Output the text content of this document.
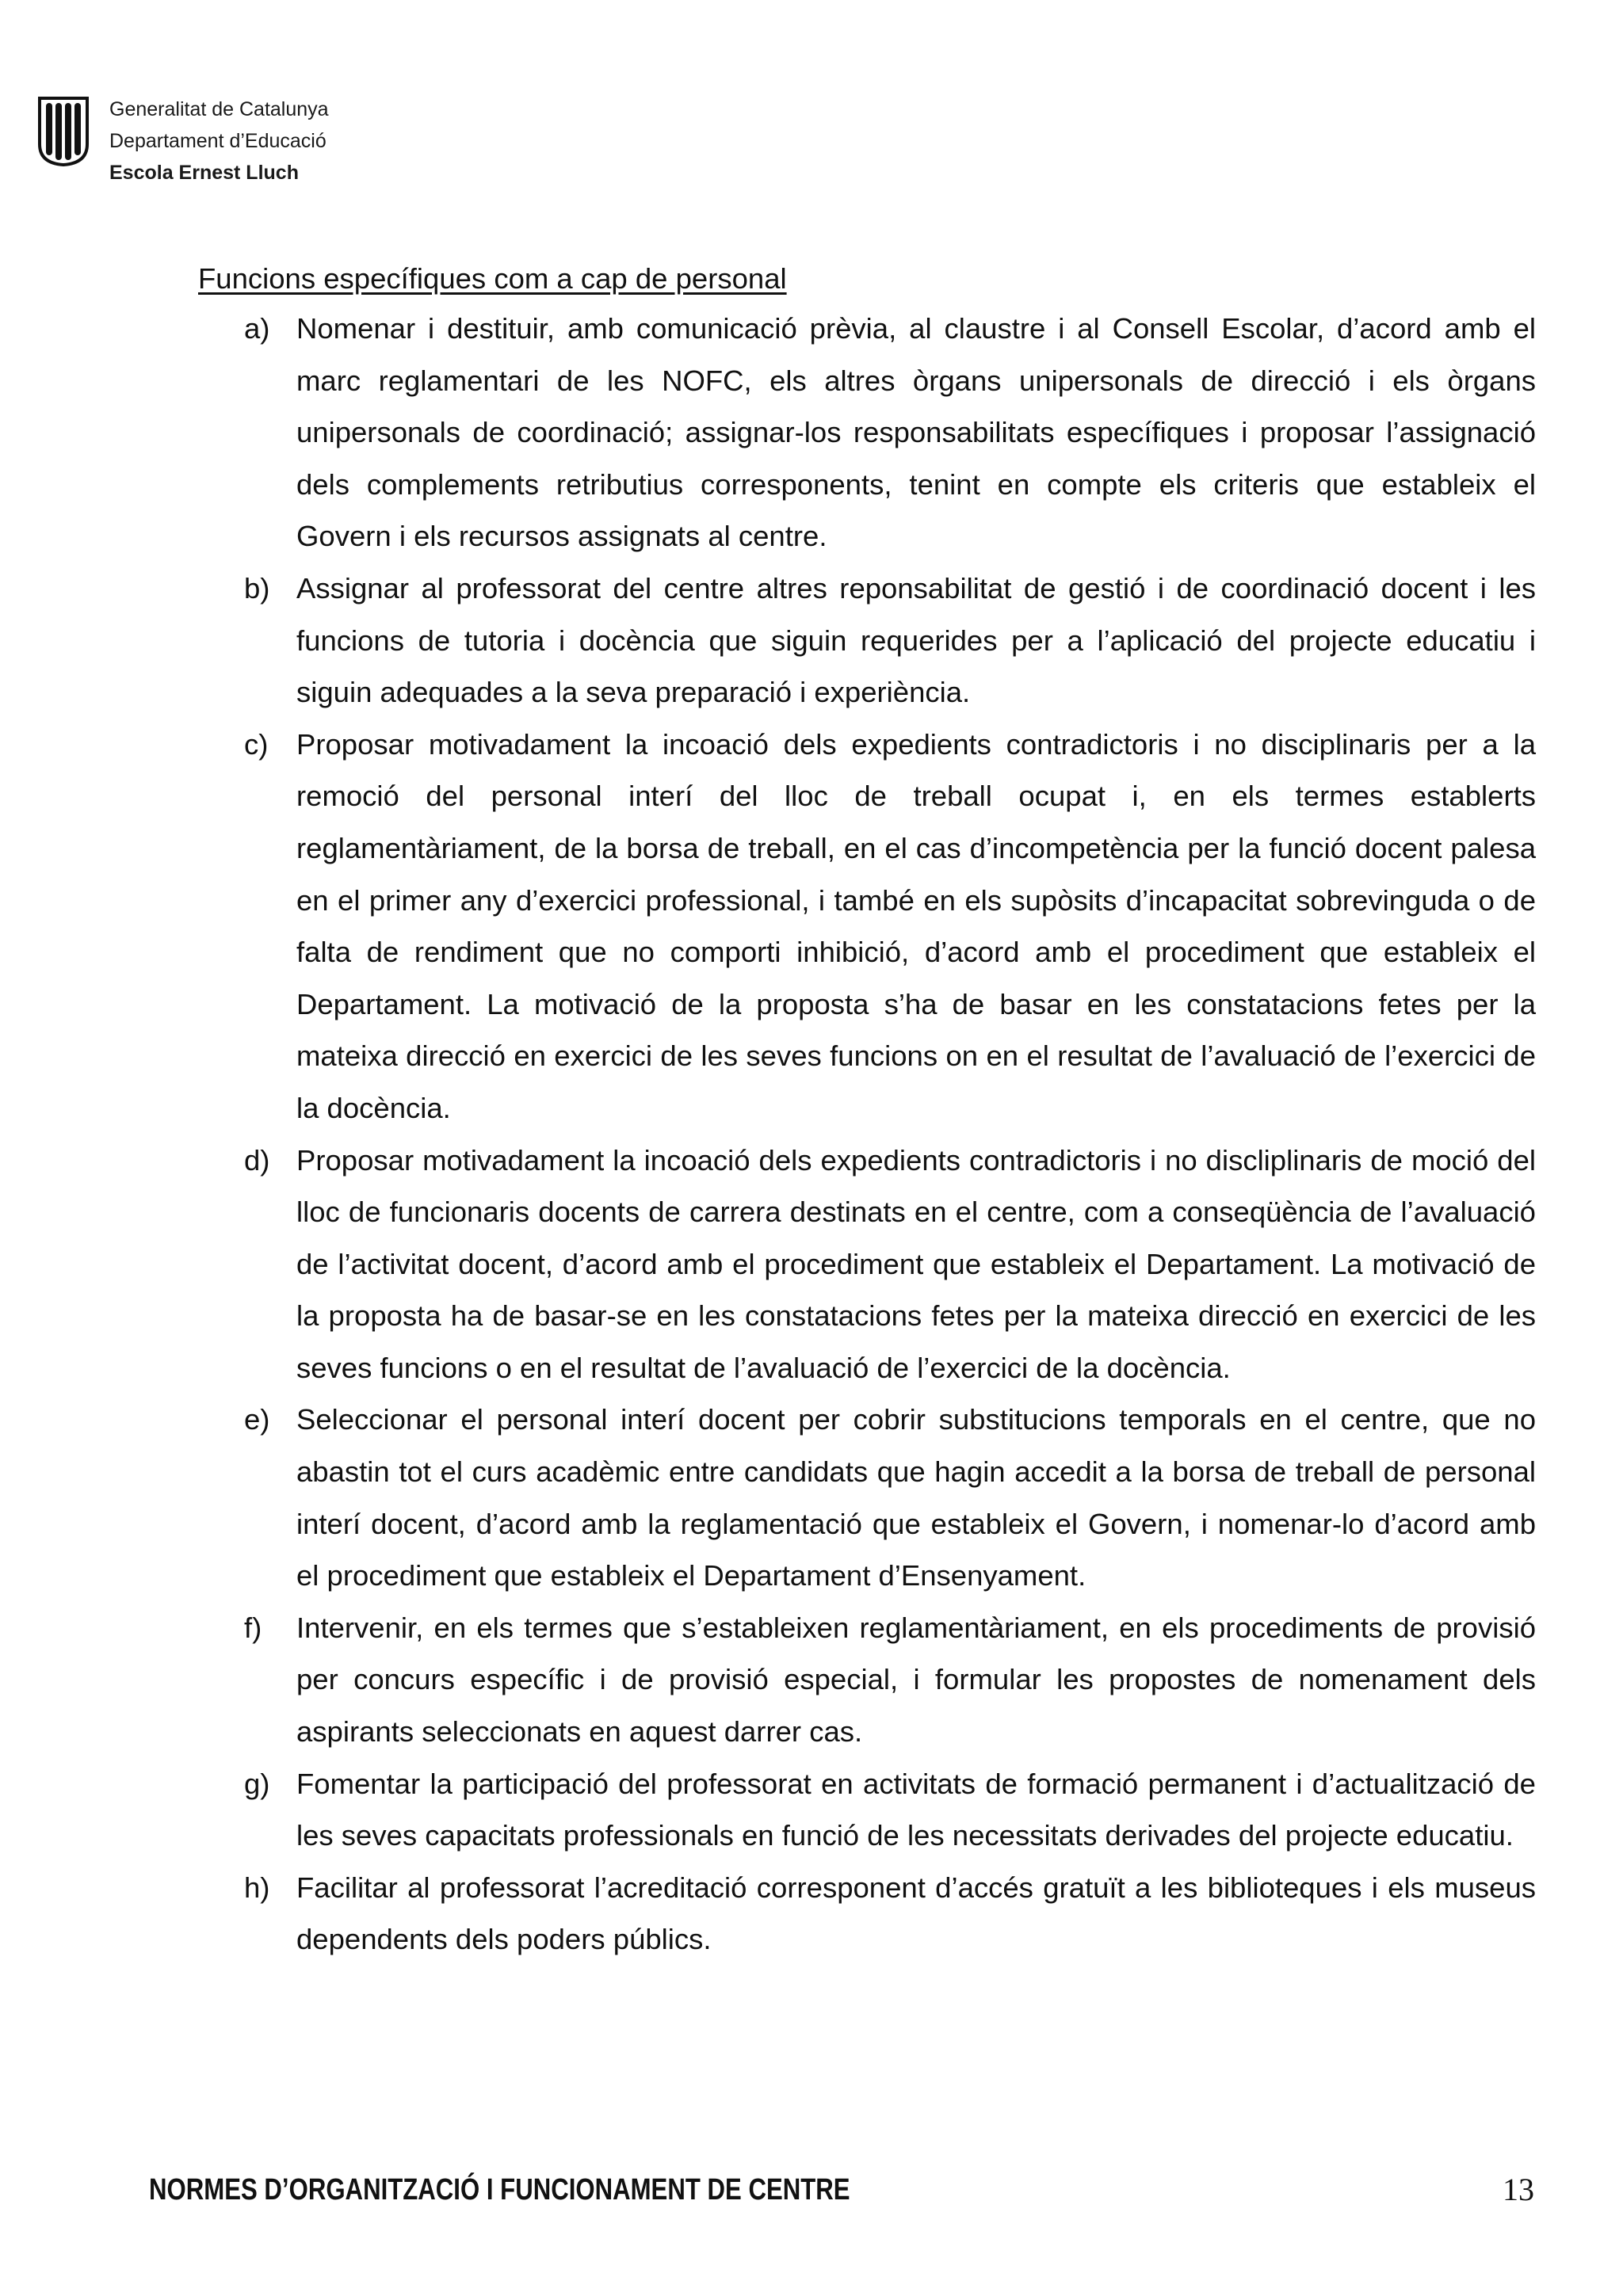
Generalitat de Catalunya
Departament d’Educació
Escola Ernest Lluch

Funcions específiques com a cap de personal

a) Nomenar i destituir, amb comunicació prèvia, al claustre i al Consell Escolar, d’acord amb el marc reglamentari de les NOFC, els altres òrgans unipersonals de direcció i els òrgans unipersonals de coordinació; assignar-los responsabilitats específiques i proposar l’assignació dels complements retributius corresponents, tenint en compte els criteris que estableix el Govern i els recursos assignats al centre.
b) Assignar al professorat del centre altres reponsabilitat de gestió i de coordinació docent i les funcions de tutoria i docència que siguin requerides per a l’aplicació del projecte educatiu i siguin adequades a la seva preparació i experiència.
c) Proposar motivadament la incoació dels expedients contradictoris i no disciplinaris per a la remoció del personal interí del lloc de treball ocupat i, en els termes establerts reglamentàriament, de la borsa de treball, en el cas d’incompetència per la funció docent palesa en el primer any d’exercici professional, i també en els supòsits d’incapacitat sobrevinguda o de falta de rendiment que no comporti inhibició, d’acord amb el procediment que estableix el Departament. La motivació de la proposta s’ha de basar en les constatacions fetes per la mateixa direcció en exercici de les seves funcions on en el resultat de l’avaluació de l’exercici de la docència.
d) Proposar motivadament la incoació dels expedients contradictoris i no discliplinaris de moció del lloc de funcionaris docents de carrera destinats en el centre, com a conseqüència de l’avaluació de l’activitat docent, d’acord amb el procediment que estableix el Departament. La motivació de la proposta ha de basar-se en les constatacions fetes per la mateixa direcció en exercici de les seves funcions o en el resultat de l’avaluació de l’exercici de la docència.
e) Seleccionar el personal interí docent per cobrir substitucions temporals en el centre, que no abastin tot el curs acadèmic entre candidats que hagin accedit a la borsa de treball de personal interí docent, d’acord amb la reglamentació que estableix el Govern, i nomenar-lo d’acord amb el procediment que estableix el Departament d’Ensenyament.
f) Intervenir, en els termes que s’estableixen reglamentàriament, en els procediments de provisió per concurs específic i de provisió especial, i formular les propostes de nomenament dels aspirants seleccionats en aquest darrer cas.
g) Fomentar la participació del professorat en activitats de formació permanent i d’actualització de les seves capacitats professionals en funció de les necessitats derivades del projecte educatiu.
h) Facilitar al professorat l’acreditació corresponent d’accés gratuït a les biblioteques i els museus dependents dels poders públics.
NORMES D’ORGANITZACIÓ I FUNCIONAMENT DE CENTRE	13
